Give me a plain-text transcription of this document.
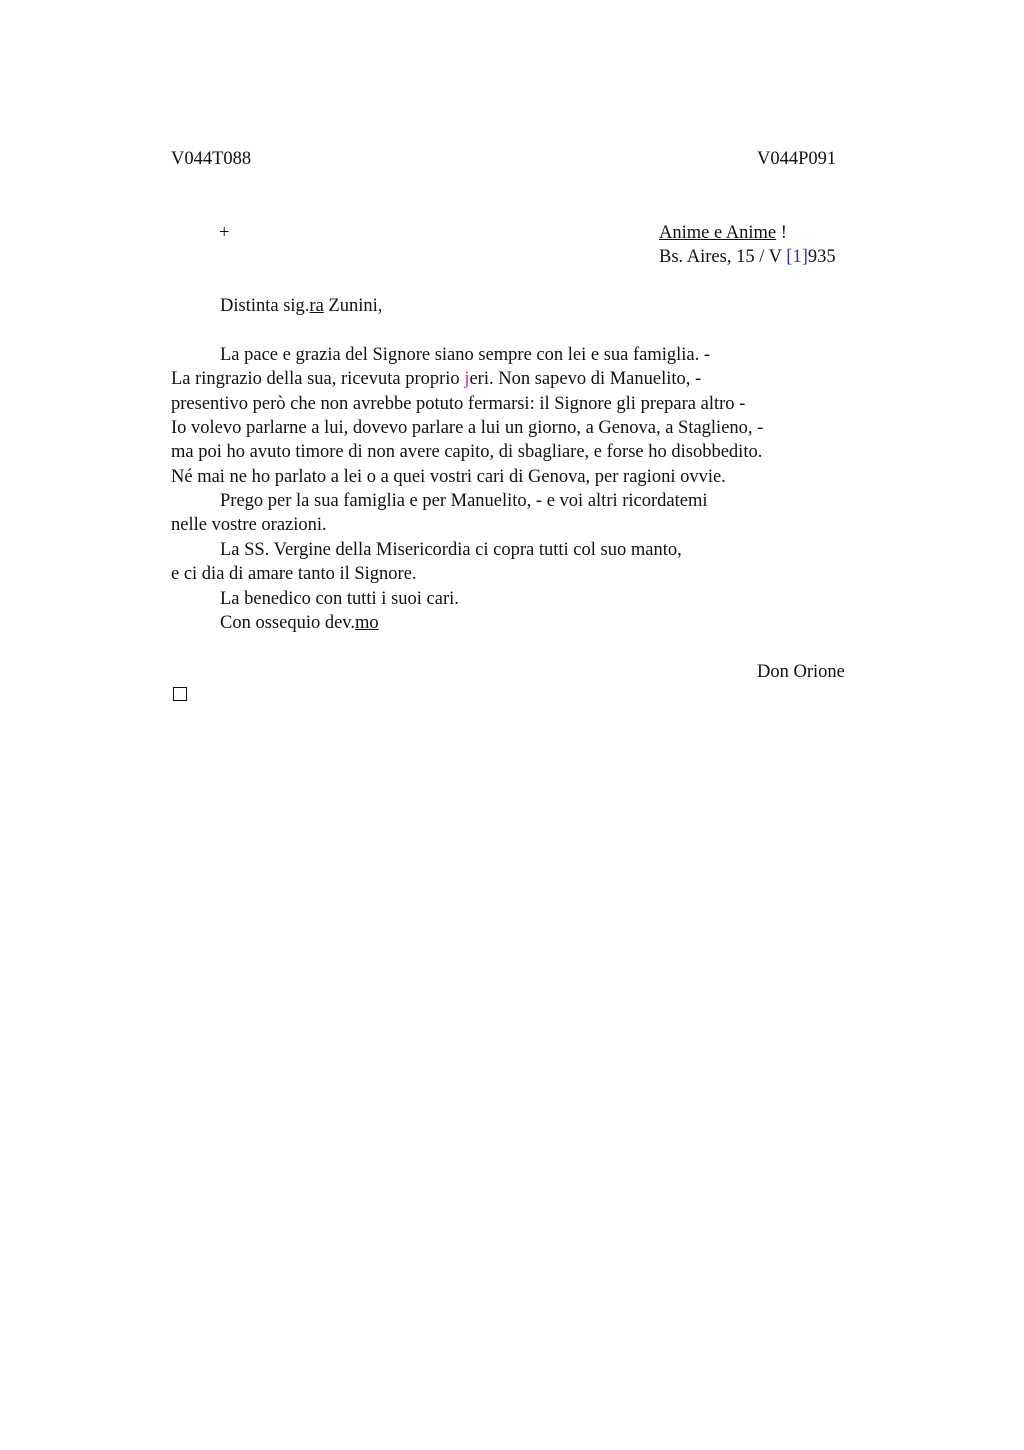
V044T088	V044P091
+	Anime e Anime !
Bs. Aires, 15 / V [1]935
Distinta sig.ra Zunini,
La pace e grazia del Signore siano sempre con lei e sua famiglia. -
La ringrazio della sua, ricevuta proprio jeri. Non sapevo di Manuelito, -
presentivo però che non avrebbe potuto fermarsi: il Signore gli prepara altro -
Io volevo parlarne a lui, dovevo parlare a lui un giorno, a Genova, a Staglieno, -
ma poi ho avuto timore di non avere capito, di sbagliare, e forse ho disobbedito.
Né mai ne ho parlato a lei o a quei vostri cari di Genova, per ragioni ovvie.
Prego per la sua famiglia e per Manuelito, - e voi altri ricordatemi
nelle vostre orazioni.
La SS. Vergine della Misericordia ci copra tutti col suo manto,
e ci dia di amare tanto il Signore.
La benedico con tutti i suoi cari.
Con ossequio dev.mo
Don Orione
